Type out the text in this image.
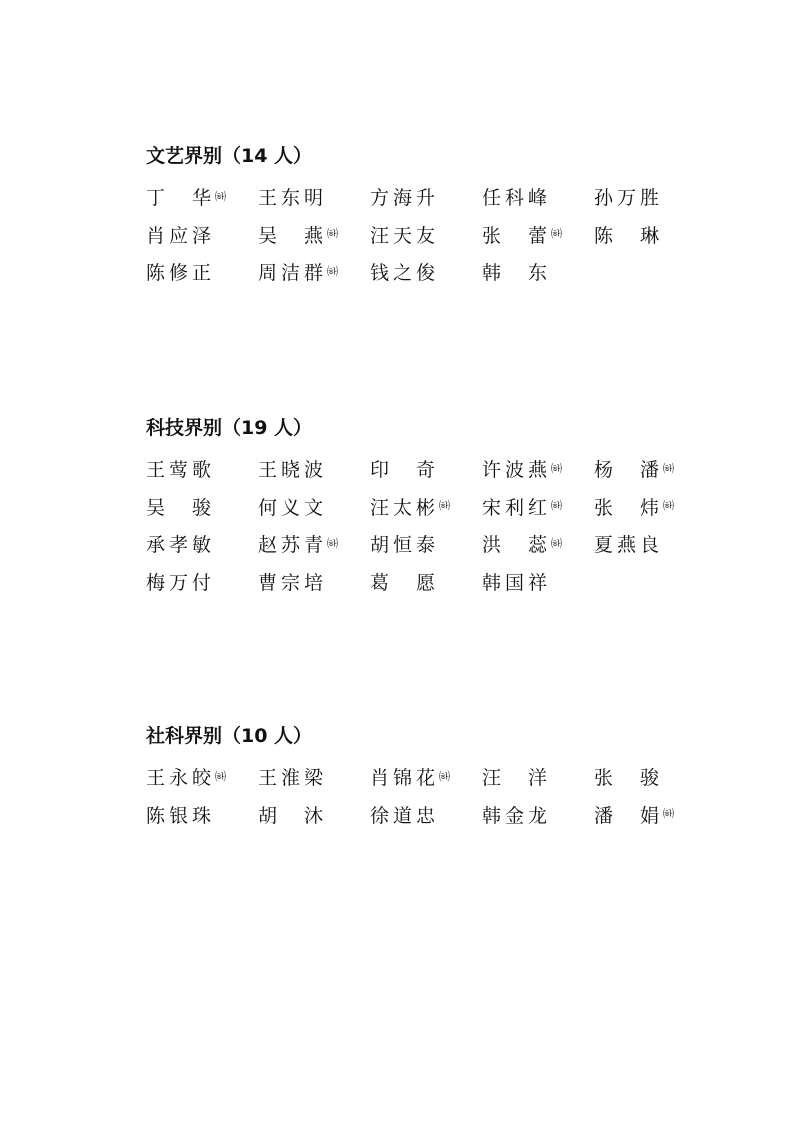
文艺界别（14 人）
丁　华 ㈛ 王东明 方海升 任科峰 孙万胜
肖应泽 吴　燕 ㈛ 汪天友 张　蕾 ㈛ 陈　琳
陈修正 周洁群 ㈛ 钱之俊 韩　东
科技界别（19 人）
王莺歌 王晓波 印　奇 许波燕 ㈛ 杨　潘 ㈛
吴　骏 何义文 汪太彬 ㈛ 宋利红 ㈛ 张　炜 ㈛
承孝敏 赵苏青 ㈛ 胡恒泰 洪　蕊 ㈛ 夏燕良
梅万付 曹宗培 葛　愿 韩国祥
社科界别（10 人）
王永皎 ㈛ 王淮梁 肖锦花 ㈛ 汪　洋 张　骏
陈银珠 胡　沐 徐道忠 韩金龙 潘　娟 ㈛
